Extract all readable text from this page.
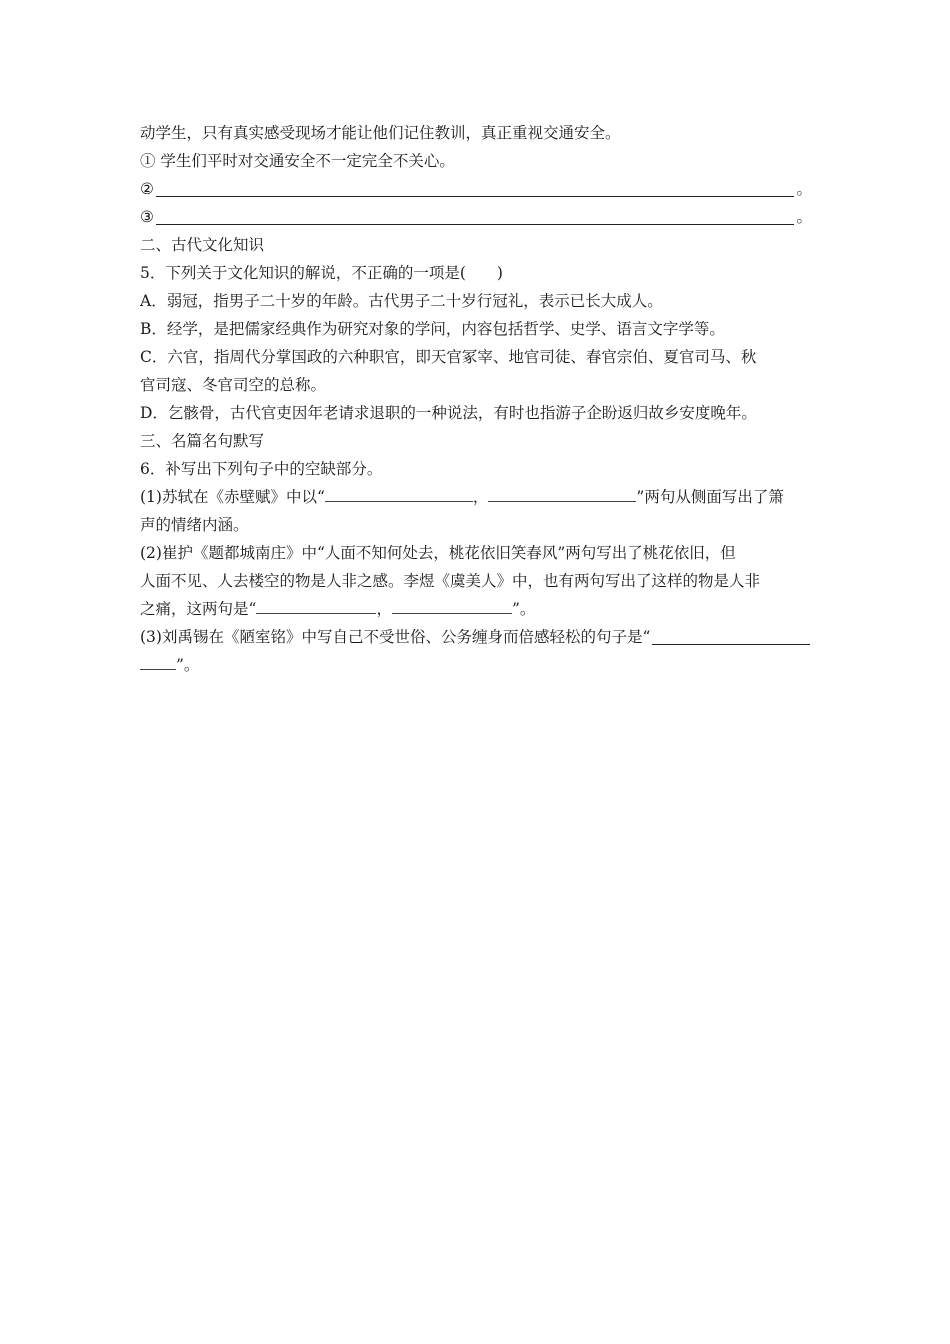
动学生，只有真实感受现场才能让他们记住教训，真正重视交通安全。
① 学生们平时对交通安全不一定完全不关心。
②	。
③	。
二、古代文化知识
5．下列关于文化知识的解说，不正确的一项是(　　)
A．弱冠，指男子二十岁的年龄。古代男子二十岁行冠礼，表示已长大成人。
B．经学，是把儒家经典作为研究对象的学问，内容包括哲学、史学、语言文字学等。
C．六官，指周代分掌国政的六种职官，即天官冢宰、地官司徒、春官宗伯、夏官司马、秋
官司寇、冬官司空的总称。
D．乞骸骨，古代官吏因年老请求退职的一种说法，有时也指游子企盼返归故乡安度晚年。
三、名篇名句默写
6．补写出下列句子中的空缺部分。
(1)苏轼在《赤壁赋》中以“	，	”两句从侧面写出了箫
声的情绪内涵。
(2)崔护《题都城南庄》中“人面不知何处去，桃花依旧笑春风”两句写出了桃花依旧，但
人面不见、人去楼空的物是人非之感。李煜《虞美人》中，也有两句写出了这样的物是人非
之痛，这两句是“	，	”。
(3)刘禹锡在《陋室铭》中写自己不受世俗、公务缠身而倍感轻松的句子是“
”。
